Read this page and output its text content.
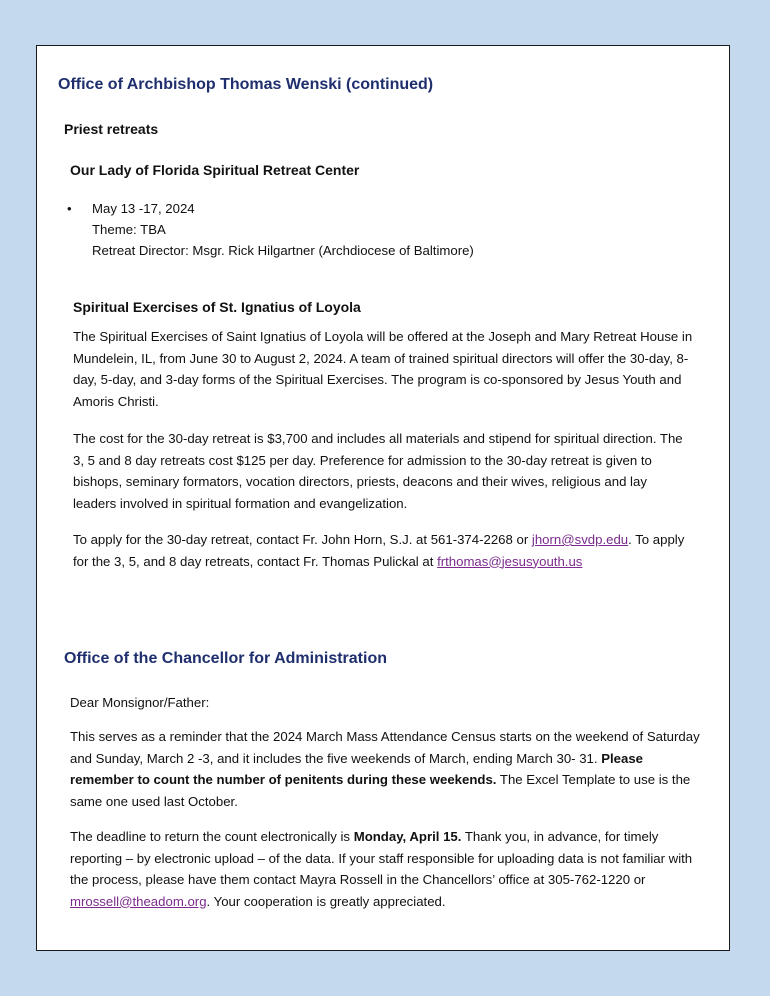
Office of Archbishop Thomas Wenski (continued)
Priest retreats
Our Lady of Florida Spiritual Retreat Center
• May 13 -17, 2024
Theme: TBA
Retreat Director: Msgr. Rick Hilgartner (Archdiocese of Baltimore)
Spiritual Exercises of St. Ignatius of Loyola

The Spiritual Exercises of Saint Ignatius of Loyola will be offered at the Joseph and Mary Retreat House in Mundelein, IL, from June 30 to August 2, 2024. A team of trained spiritual directors will offer the 30-day, 8-day, 5-day, and 3-day forms of the Spiritual Exercises. The program is co-sponsored by Jesus Youth and Amoris Christi.

The cost for the 30-day retreat is $3,700 and includes all materials and stipend for spiritual direction. The 3, 5 and 8 day retreats cost $125 per day. Preference for admission to the 30-day retreat is given to bishops, seminary formators, vocation directors, priests, deacons and their wives, religious and lay leaders involved in spiritual formation and evangelization.

To apply for the 30-day retreat, contact Fr. John Horn, S.J. at 561-374-2268 or jhorn@svdp.edu. To apply for the 3, 5, and 8 day retreats, contact Fr. Thomas Pulickal at frthomas@jesusyouth.us

Office of the Chancellor for Administration

Dear Monsignor/Father:

This serves as a reminder that the 2024 March Mass Attendance Census starts on the weekend of Saturday and Sunday, March 2 -3, and it includes the five weekends of March, ending March 30- 31. Please remember to count the number of penitents during these weekends. The Excel Template to use is the same one used last October.

The deadline to return the count electronically is Monday, April 15. Thank you, in advance, for timely reporting – by electronic upload – of the data. If your staff responsible for uploading data is not familiar with the process, please have them contact Mayra Rossell in the Chancellors’ office at 305-762-1220 or mrossell@theadom.org. Your cooperation is greatly appreciated.
